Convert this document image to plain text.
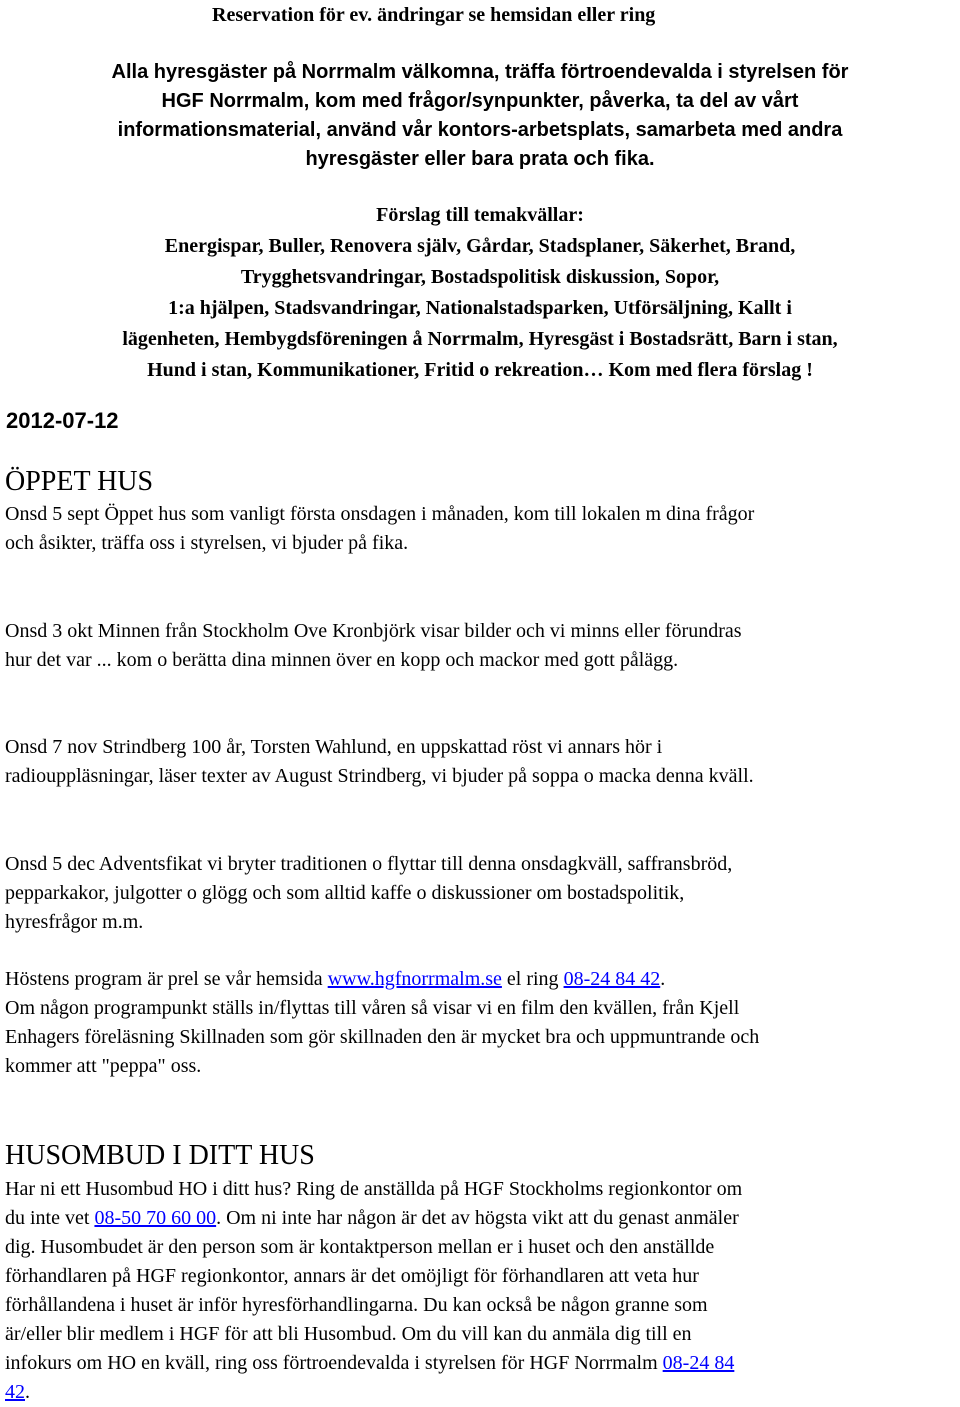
Reservation för ev. ändringar se hemsidan eller ring
Alla hyresgäster på Norrmalm välkomna, träffa förtroendevalda i styrelsen för
HGF Norrmalm, kom med frågor/synpunkter, påverka, ta del av vårt
informationsmaterial, använd vår kontors-arbetsplats, samarbeta med andra
hyresgäster eller bara prata och fika.
Förslag till temakvällar:
Energispar, Buller, Renovera själv, Gårdar, Stadsplaner, Säkerhet, Brand,
Trygghetsvandringar, Bostadspolitisk diskussion, Sopor,
1:a hjälpen, Stadsvandringar, Nationalstadsparken, Utförsäljning, Kallt i
lägenheten, Hembygdsföreningen å Norrmalm, Hyresgäst i Bostadsrätt, Barn i stan,
Hund i stan, Kommunikationer, Fritid o rekreation… Kom med flera förslag !
2012-07-12
ÖPPET HUS
Onsd 5 sept Öppet hus som vanligt första onsdagen i månaden, kom till lokalen m dina frågor
och åsikter, träffa oss i styrelsen, vi bjuder på fika.
Onsd 3 okt Minnen från Stockholm Ove Kronbjörk visar bilder och vi minns eller förundras
hur det var ... kom o berätta dina minnen över en kopp och mackor med gott pålägg.
Onsd 7 nov Strindberg 100 år, Torsten Wahlund, en uppskattad röst vi annars hör i
radiouppläsningar, läser texter av August Strindberg, vi bjuder på soppa o macka denna kväll.
Onsd 5 dec Adventsfikat vi bryter traditionen o flyttar till denna onsdagkväll, saffransbröd,
pepparkakor, julgotter o glögg och som alltid kaffe o diskussioner om bostadspolitik,
hyresfrågor m.m.
Höstens program är prel se vår hemsida www.hgfnorrmalm.se el ring 08-24 84 42.
Om någon programpunkt ställs in/flyttas till våren så visar vi en film den kvällen, från Kjell
Enhagers föreläsning Skillnaden som gör skillnaden den är mycket bra och uppmuntrande och
kommer att "peppa" oss.
HUSOMBUD I DITT HUS
Har ni ett Husombud HO i ditt hus? Ring de anställda på HGF Stockholms regionkontor om
du inte vet 08-50 70 60 00. Om ni inte har någon är det av högsta vikt att du genast anmäler
dig. Husombudet är den person som är kontaktperson mellan er i huset och den anställde
förhandlaren på HGF regionkontor, annars är det omöjligt för förhandlaren att veta hur
förhållandena i huset är inför hyresförhandlingarna. Du kan också be någon granne som
är/eller blir medlem i HGF för att bli Husombud. Om du vill kan du anmäla dig till en
infokurs om HO en kväll, ring oss förtroendevalda i styrelsen för HGF Norrmalm 08-24 84
42.
